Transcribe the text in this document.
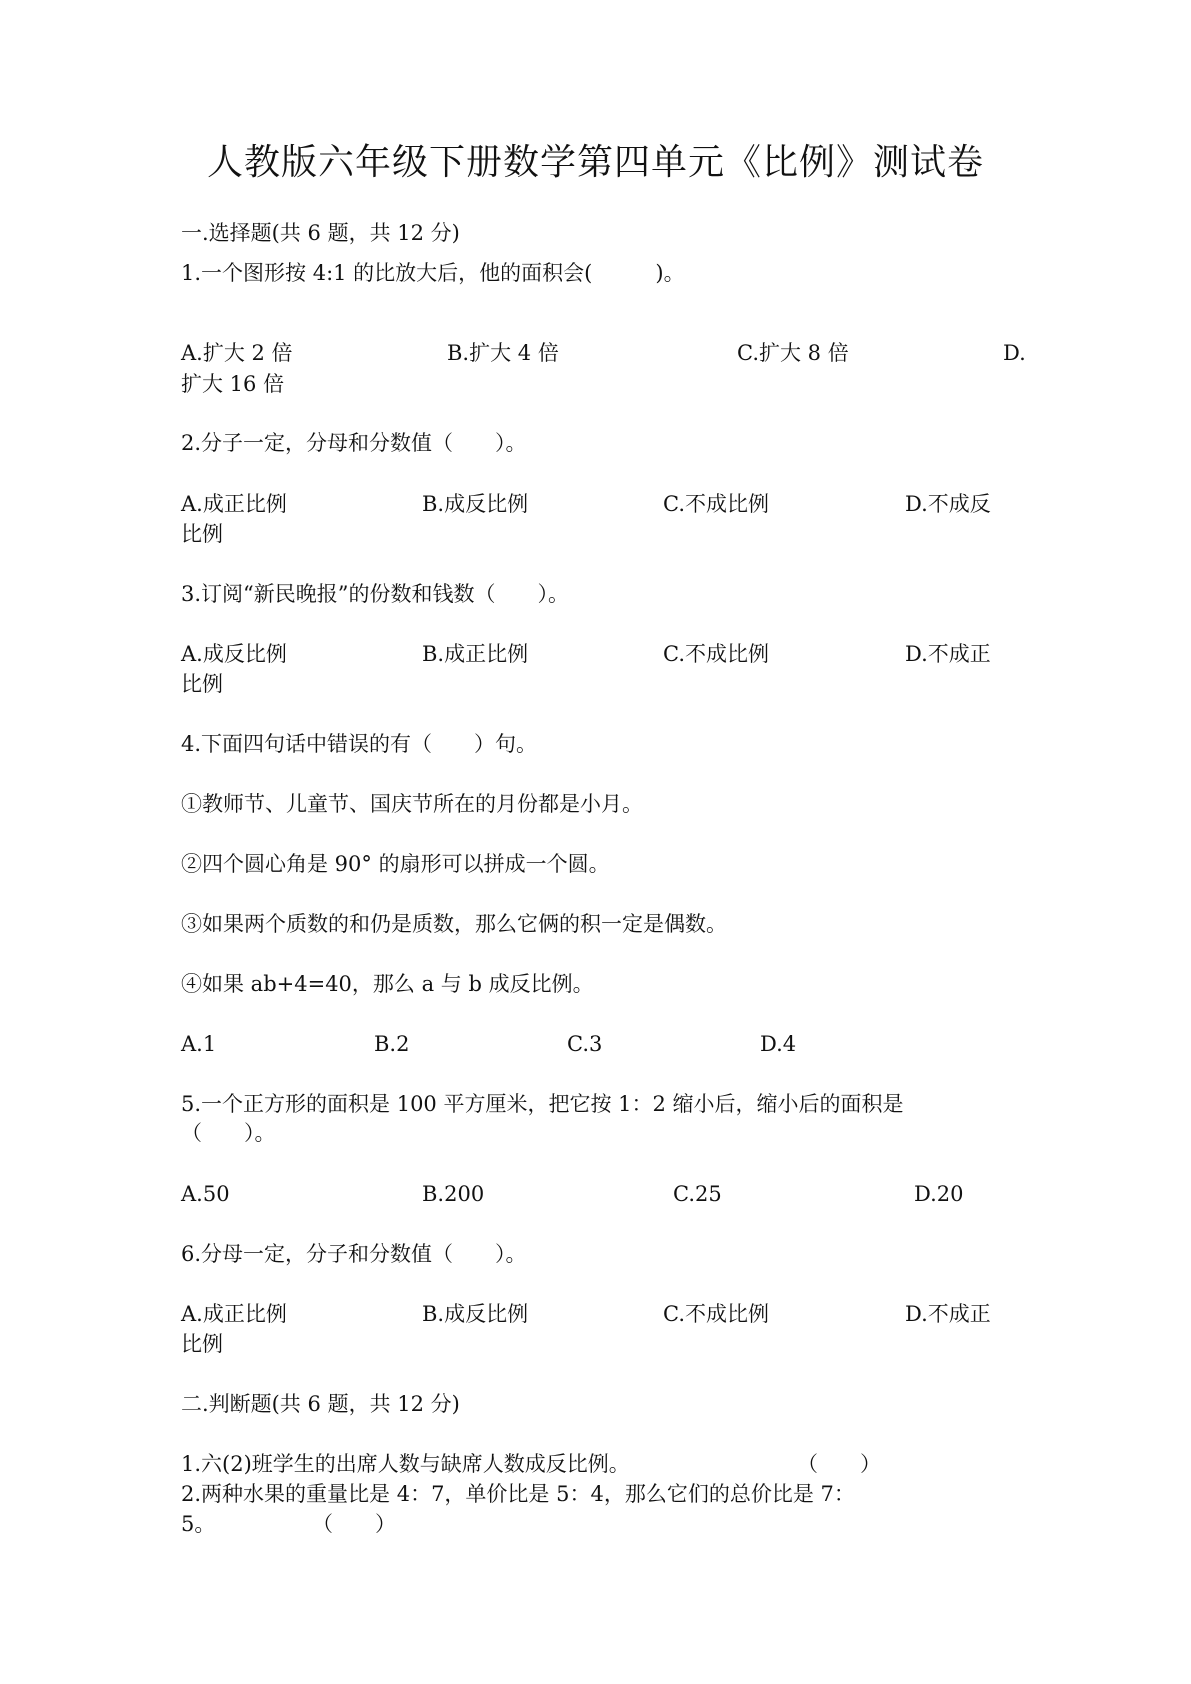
人教版六年级下册数学第四单元《比例》测试卷
一.选择题(共 6 题，共 12 分)
1.一个图形按 4:1 的比放大后，他的面积会(　　　)。
A.扩大 2 倍	B.扩大 4 倍	C.扩大 8 倍	D.
扩大 16 倍
2.分子一定，分母和分数值（　　）。
A.成正比例	B.成反比例	C.不成比例	D.不成反
比例
3.订阅“新民晚报”的份数和钱数（　　）。
A.成反比例	B.成正比例	C.不成比例	D.不成正
比例
4.下面四句话中错误的有（　　）句。
①教师节、儿童节、国庆节所在的月份都是小月。
②四个圆心角是 90° 的扇形可以拼成一个圆。
③如果两个质数的和仍是质数，那么它俩的积一定是偶数。
④如果 ab+4=40，那么 a 与 b 成反比例。
A.1	B.2	C.3	D.4
5.一个正方形的面积是 100 平方厘米，把它按 1：2 缩小后，缩小后的面积是
（　　）。
A.50	B.200	C.25	D.20
6.分母一定，分子和分数值（　　）。
A.成正比例	B.成反比例	C.不成比例	D.不成正
比例
二.判断题(共 6 题，共 12 分)
1.六(2)班学生的出席人数与缺席人数成反比例。	（　　）
2.两种水果的重量比是 4：7，单价比是 5：4，那么它们的总价比是 7：
5。	（　　）
